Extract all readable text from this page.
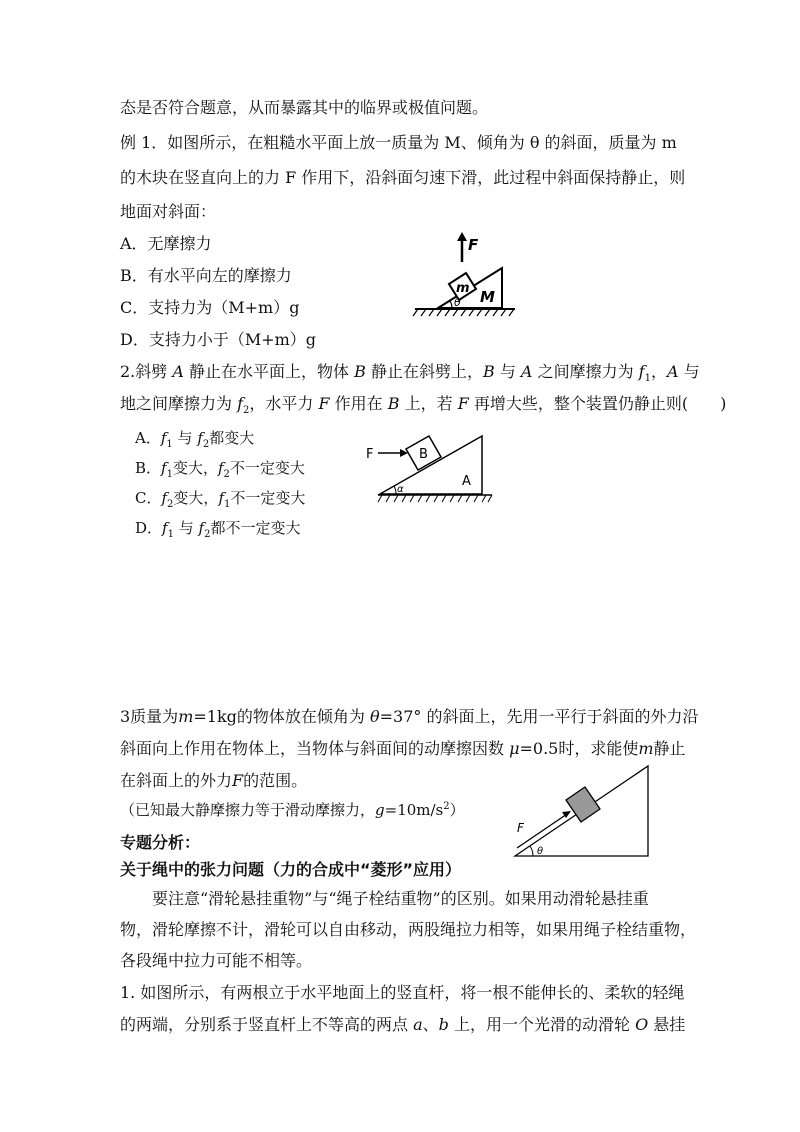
态是否符合题意，从而暴露其中的临界或极值问题。
例 1．如图所示，在粗糙水平面上放一质量为 M、倾角为 θ 的斜面，质量为 m
的木块在竖直向上的力 F 作用下，沿斜面匀速下滑，此过程中斜面保持静止，则
地面对斜面：
A．无摩擦力
B．有水平向左的摩擦力
C．支持力为（M+m）g
D．支持力小于（M+m）g
F
m M
θ
2.斜劈 A 静止在水平面上，物体 B 静止在斜劈上，B 与 A 之间摩擦力为 $f_1$，A 与
地之间摩擦力为 $f_2$，水平力 F 作用在 B 上，若 F 再增大些，整个装置仍静止则(　　)
A．$f_1$ 与 $f_2$都变大
B．$f_1$变大，$f_2$不一定变大
C．$f_2$变大，$f_1$不一定变大
D．$f_1$ 与 $f_2$都不一定变大
F	B
A
α
3质量为m=1kg的物体放在倾角为 θ=37° 的斜面上，先用一平行于斜面的外力沿
斜面向上作用在物体上，当物体与斜面间的动摩擦因数 μ=0.5时，求能使m静止
在斜面上的外力F的范围。
（已知最大静摩擦力等于滑动摩擦力，$g=10m/s^2$）
F
θ
专题分析：
关于绳中的张力问题（力的合成中“菱形”应用）
　　要注意“滑轮悬挂重物”与“绳子栓结重物”的区别。如果用动滑轮悬挂重
物，滑轮摩擦不计，滑轮可以自由移动，两股绳拉力相等，如果用绳子栓结重物，
各段绳中拉力可能不相等。
1. 如图所示，有两根立于水平地面上的竖直杆，将一根不能伸长的、柔软的轻绳
的两端，分别系于竖直杆上不等高的两点 a、b 上，用一个光滑的动滑轮 O 悬挂
